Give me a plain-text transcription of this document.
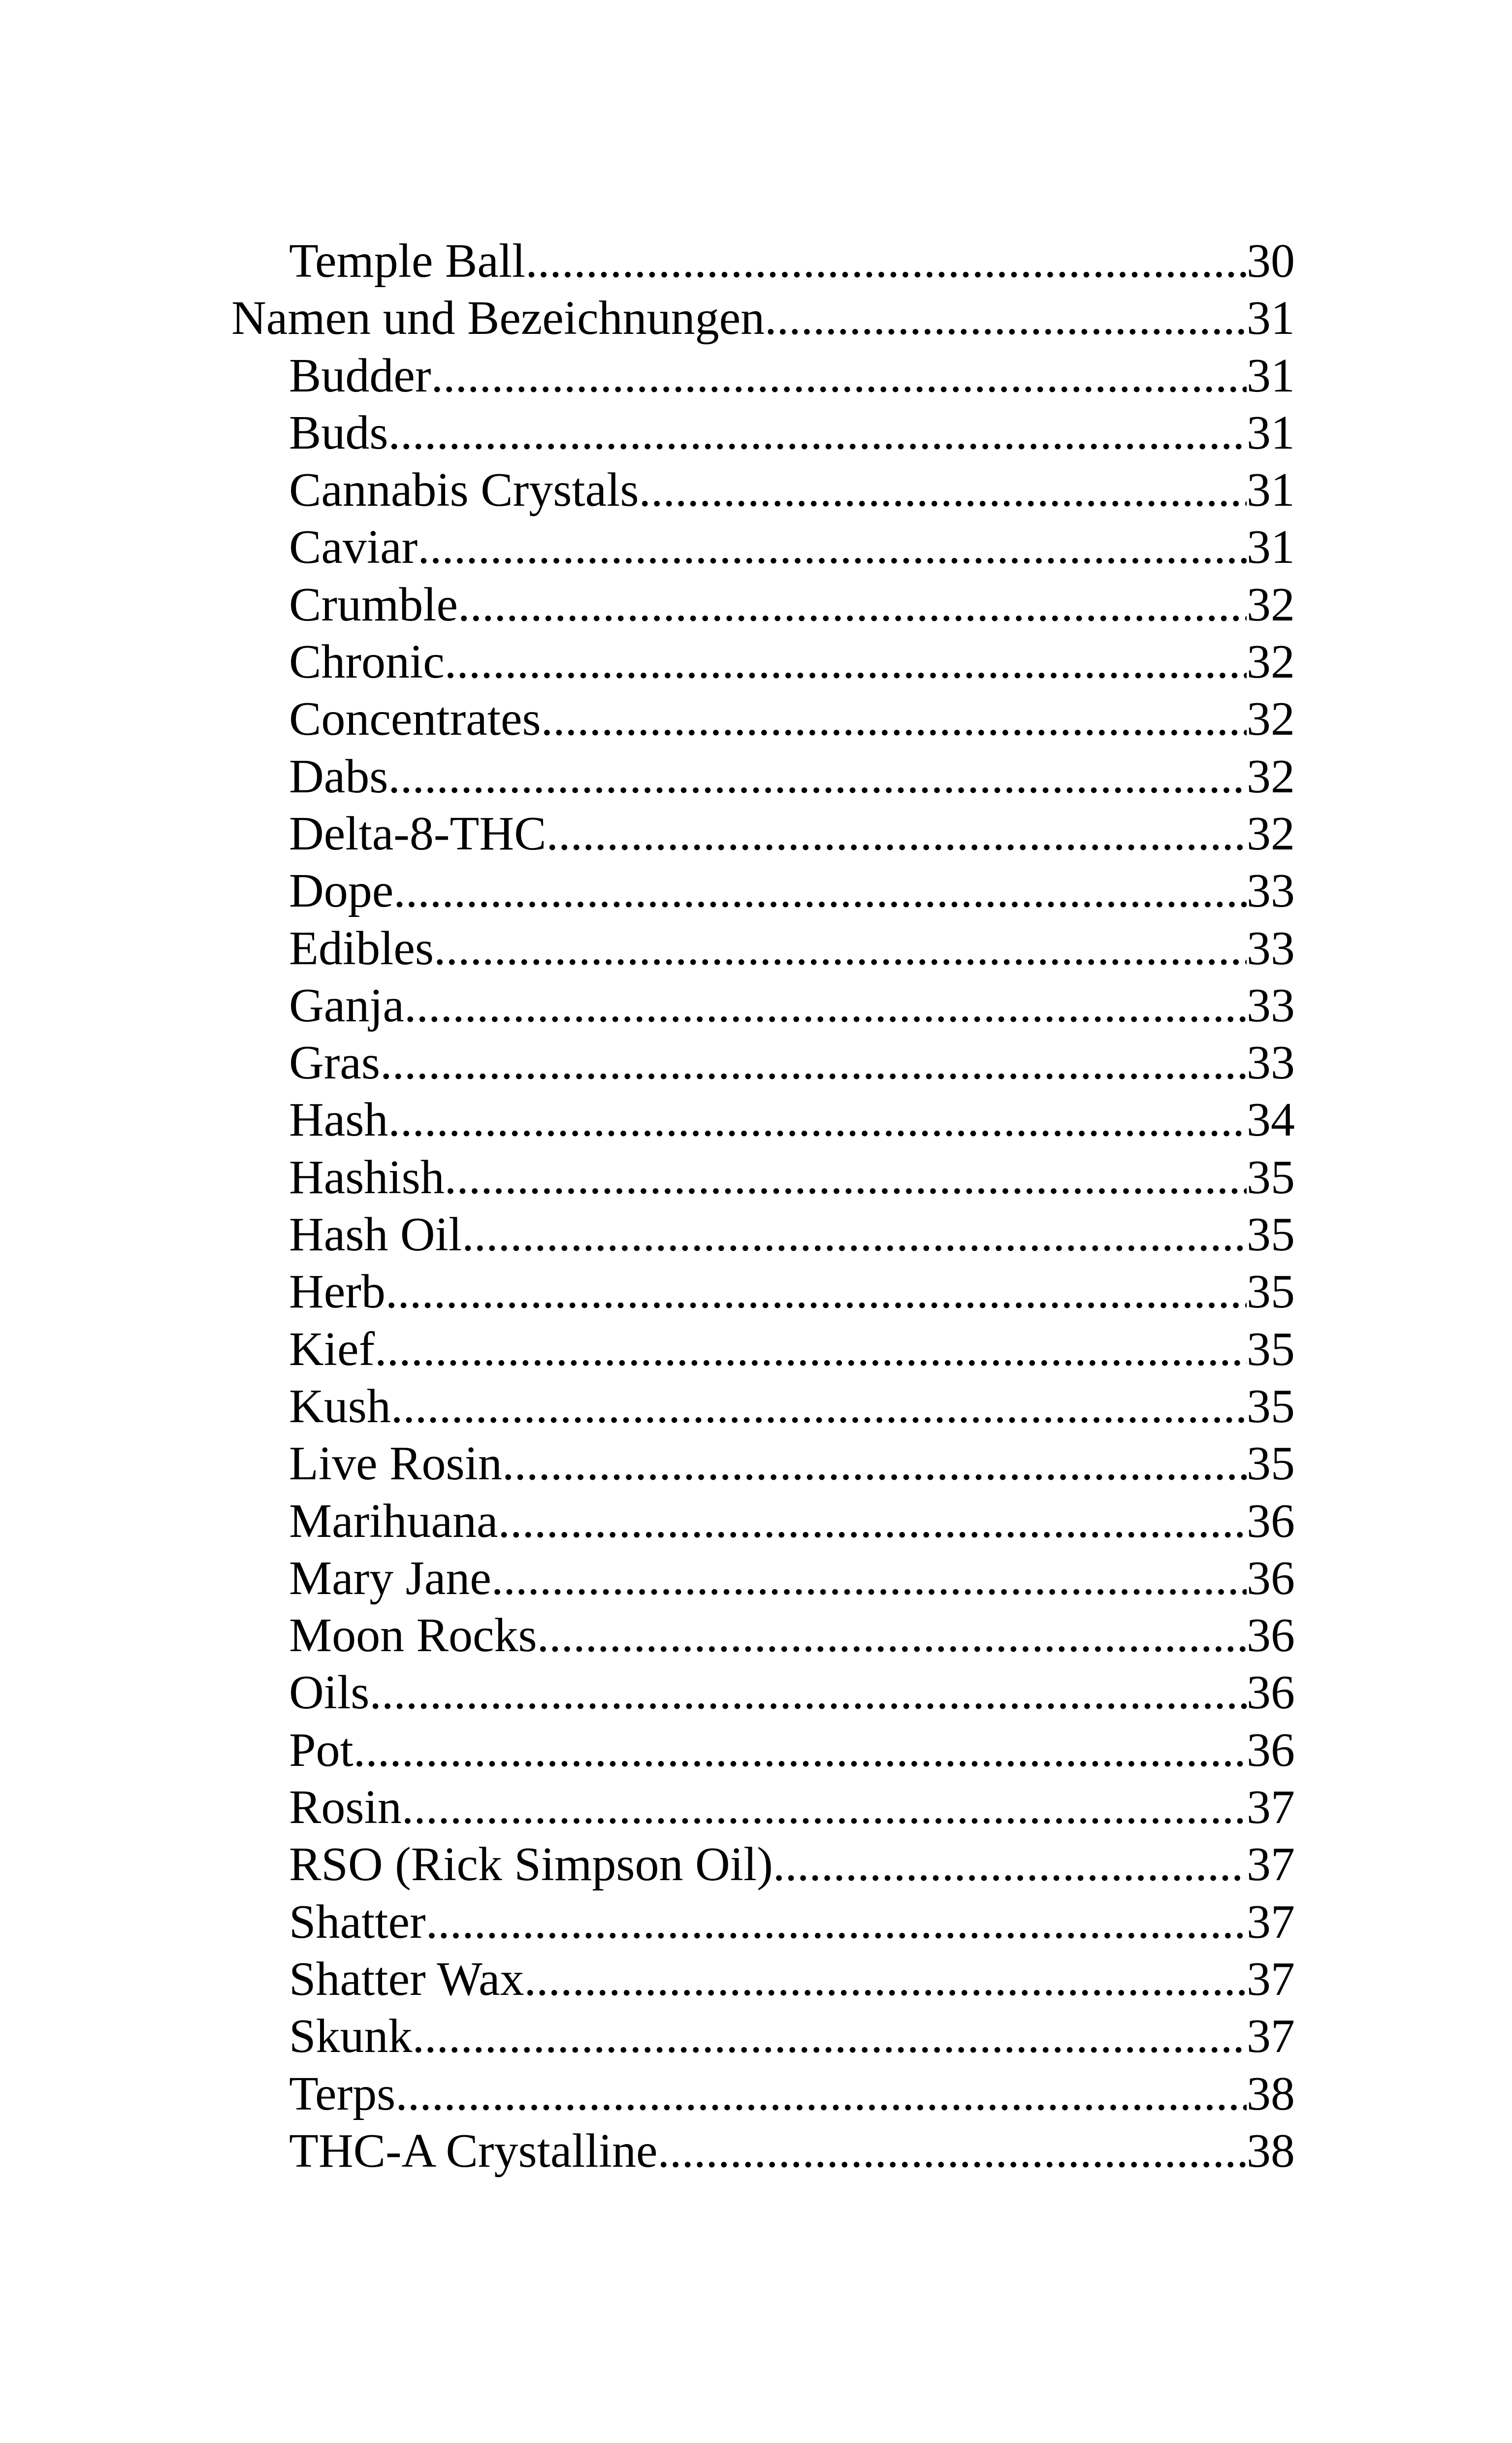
Temple Ball .....	30
Namen und Bezeichnungen .....	31
Budder .....	31
Buds .....	31
Cannabis Crystals .....	31
Caviar .....	31
Crumble .....	32
Chronic .....	32
Concentrates .....	32
Dabs .....	32
Delta-8-THC .....	32
Dope .....	33
Edibles .....	33
Ganja .....	33
Gras .....	33
Hash .....	34
Hashish .....	35
Hash Oil .....	35
Herb .....	35
Kief .....	35
Kush .....	35
Live Rosin .....	35
Marihuana .....	36
Mary Jane .....	36
Moon Rocks .....	36
Oils .....	36
Pot .....	36
Rosin .....	37
RSO (Rick Simpson Oil) .....	37
Shatter .....	37
Shatter Wax .....	37
Skunk .....	37
Terps .....	38
THC-A Crystalline .....	38
